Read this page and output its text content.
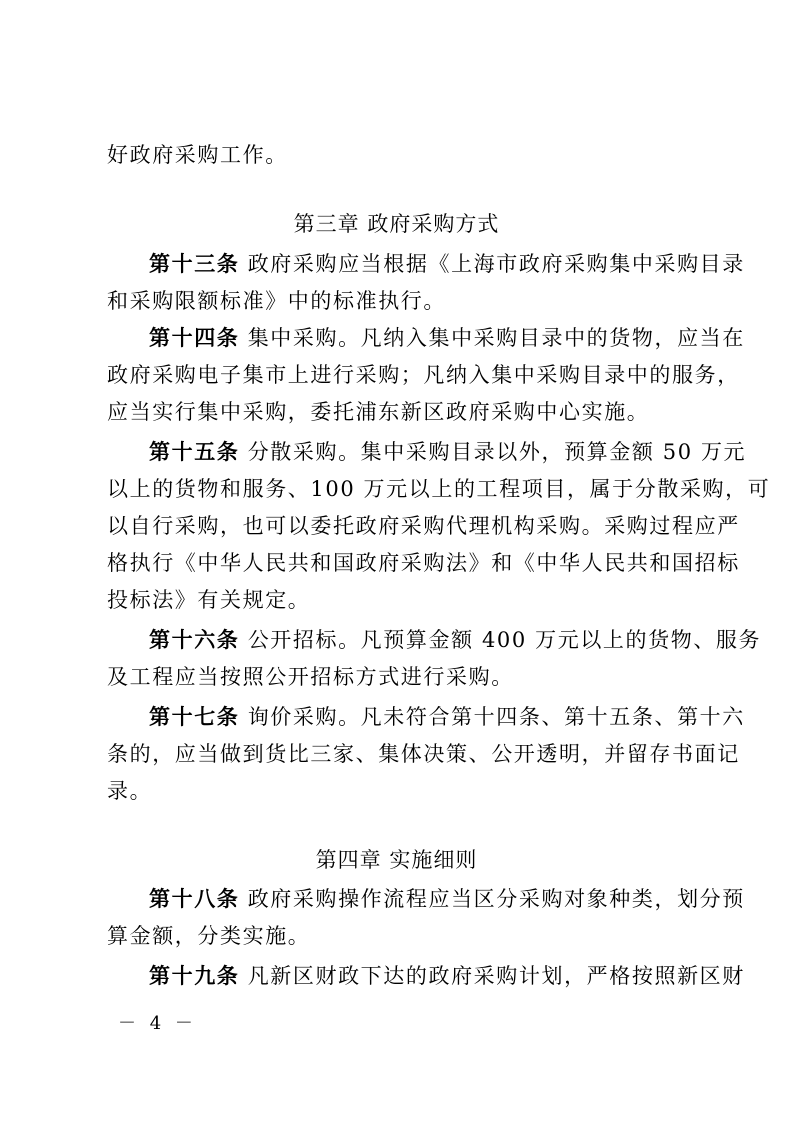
好政府采购工作。
第三章 政府采购方式
第十三条 政府采购应当根据《上海市政府采购集中采购目录
和采购限额标准》中的标准执行。
第十四条 集中采购。凡纳入集中采购目录中的货物，应当在
政府采购电子集市上进行采购；凡纳入集中采购目录中的服务，
应当实行集中采购，委托浦东新区政府采购中心实施。
第十五条 分散采购。集中采购目录以外，预算金额 50 万元
以上的货物和服务、100 万元以上的工程项目，属于分散采购，可
以自行采购，也可以委托政府采购代理机构采购。采购过程应严
格执行《中华人民共和国政府采购法》和《中华人民共和国招标
投标法》有关规定。
第十六条 公开招标。凡预算金额 400 万元以上的货物、服务
及工程应当按照公开招标方式进行采购。
第十七条 询价采购。凡未符合第十四条、第十五条、第十六
条的，应当做到货比三家、集体决策、公开透明，并留存书面记
录。
第四章 实施细则
第十八条 政府采购操作流程应当区分采购对象种类，划分预
算金额，分类实施。
第十九条 凡新区财政下达的政府采购计划，严格按照新区财
－ 4 －
